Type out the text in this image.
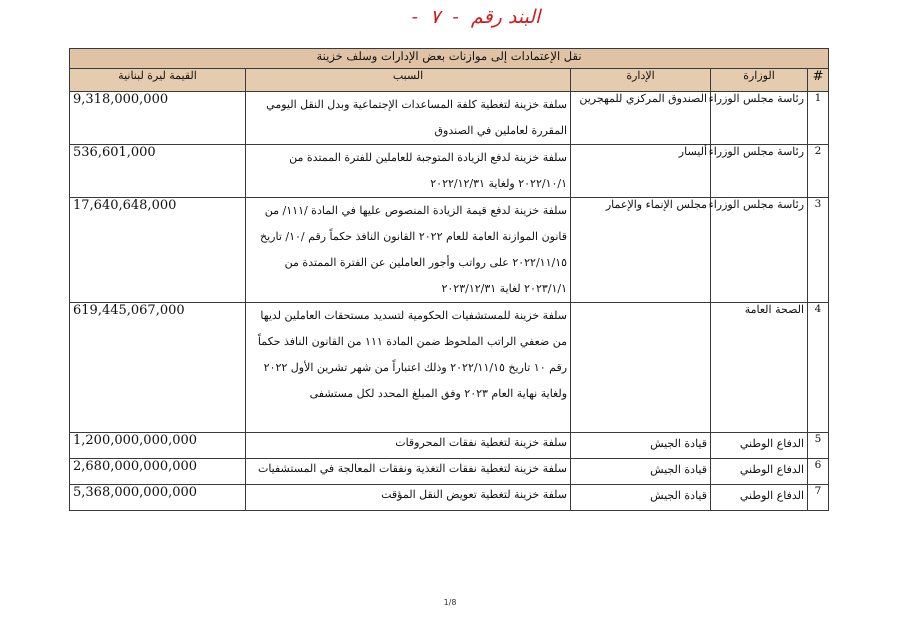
البند رقم - ٧ -
نقل الإعتمادات إلى موازنات بعض الإدارات وسلف خزينة				
#	الوزارة	الإدارة	السبب	القيمة ليرة لبنانية
1	رئاسة مجلس الوزراء	الصندوق المركزي للمهجرين	سلفة خزينة لتغطية كلفة المساعدات الإجتماعية وبدل النقل اليومي المقررة لعاملين في الصندوق	9,318,000,000
2	رئاسة مجلس الوزراء	أليسار	سلفة خزينة لدفع الزيادة المتوجبة للعاملين للفترة الممتدة من ٢٠٢٢/١٠/١ ولغاية ٢٠٢٢/١٢/٣١	536,601,000
3	رئاسة مجلس الوزراء	مجلس الإنماء والإعمار	سلفة خزينة لدفع قيمة الزيادة المنصوص عليها في المادة /١١١/ من قانون الموازنة العامة للعام ٢٠٢٢ القانون النافذ حكماً رقم /١٠/ تاريخ ٢٠٢٢/١١/١٥ على رواتب وأجور العاملين عن الفترة الممتدة من ٢٠٢٣/١/١ لغاية ٢٠٢٣/١٢/٣١	17,640,648,000
4	الصحة العامة		سلفة خزينة للمستشفيات الحكومية لتسديد مستحقات العاملين لديها من ضعفي الراتب الملحوظ ضمن المادة ١١١ من القانون النافذ حكماً رقم ١٠ تاريخ ٢٠٢٢/١١/١٥ وذلك اعتباراً من شهر تشرين الأول ٢٠٢٢ ولغاية نهاية العام ٢٠٢٣ وفق المبلغ المحدد لكل مستشفى	619,445,067,000
5	الدفاع الوطني	قيادة الجيش	سلفة خزينة لتغطية نفقات المحروقات	1,200,000,000,000
6	الدفاع الوطني	قيادة الجيش	سلفة خزينة لتغطية نفقات التغذية ونفقات المعالجة في المستشفيات	2,680,000,000,000
7	الدفاع الوطني	قيادة الجيش	سلفة خزينة لتغطية تعويض النقل المؤقت	5,368,000,000,000
1/8
